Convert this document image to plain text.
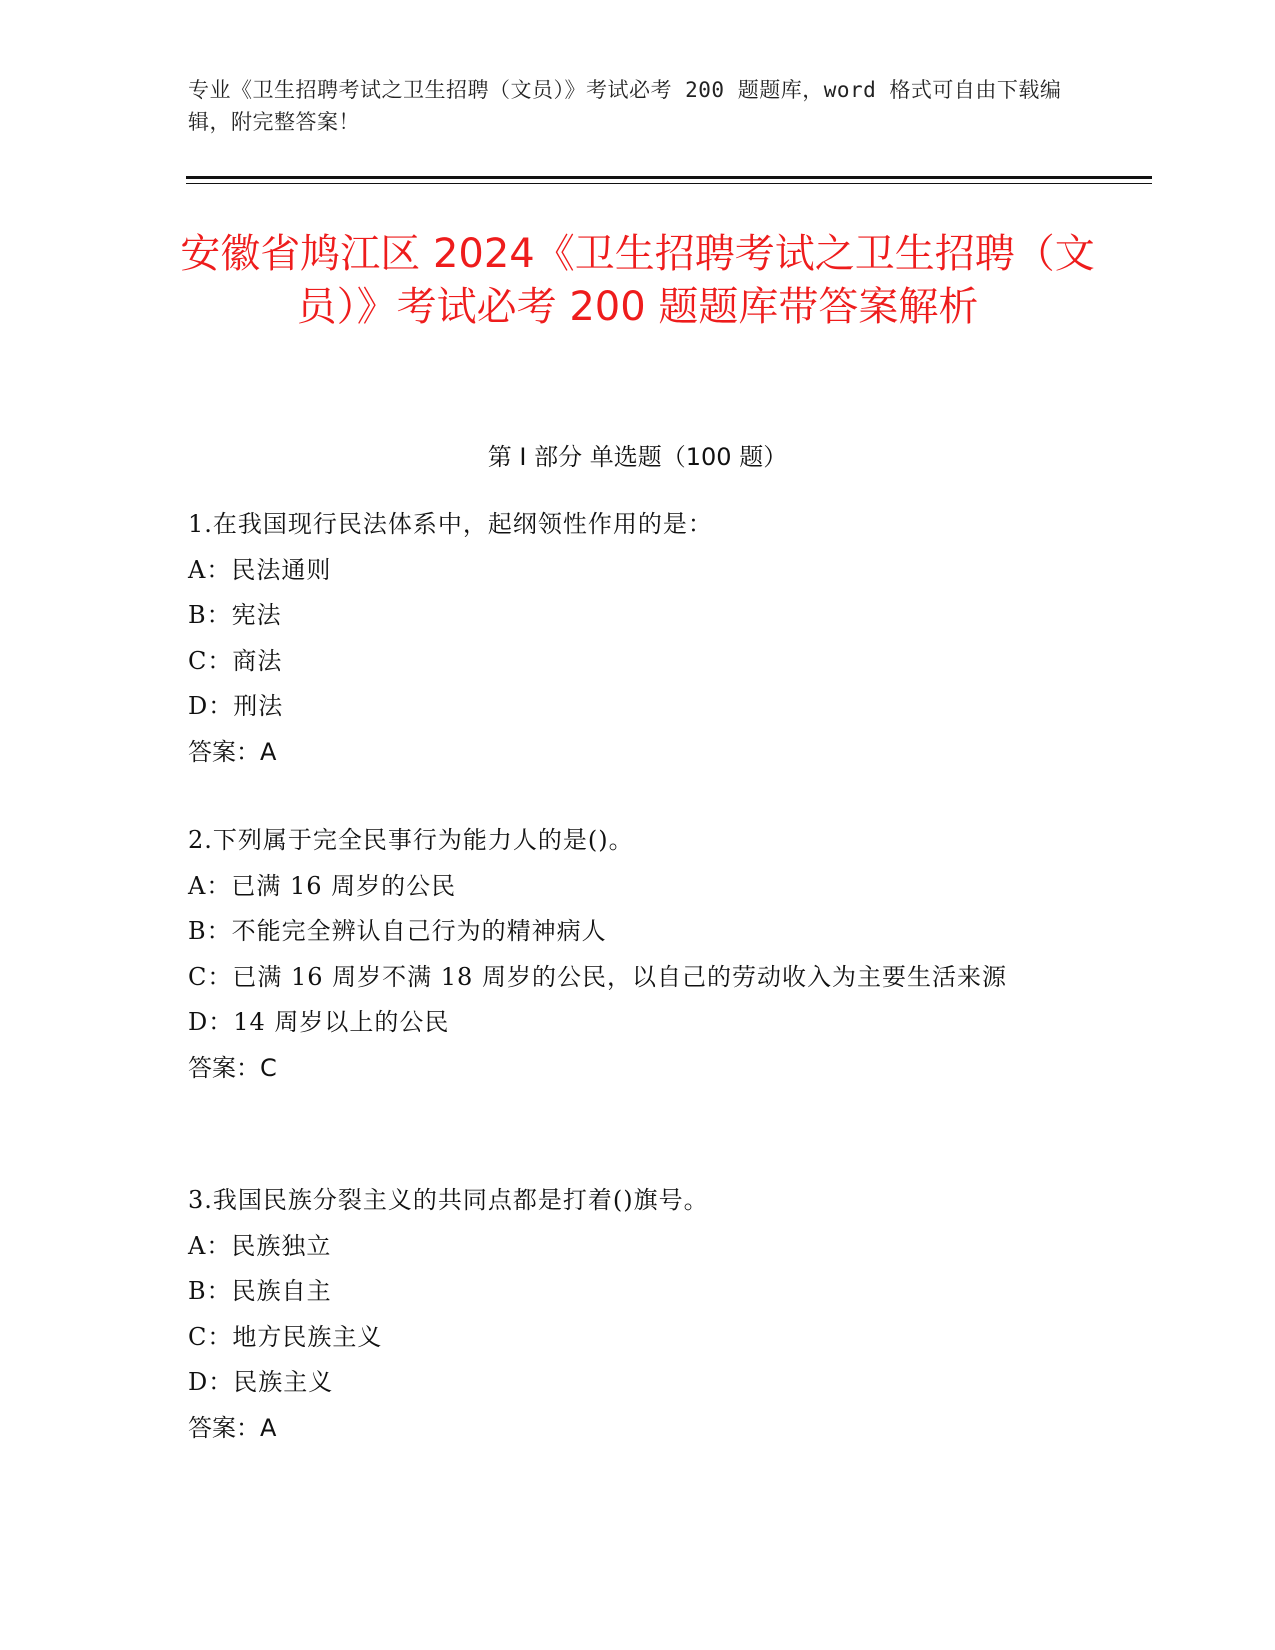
专业《卫生招聘考试之卫生招聘（文员）》考试必考 200 题题库，word 格式可自由下载编辑，附完整答案！
安徽省鸠江区 2024《卫生招聘考试之卫生招聘（文员）》考试必考 200 题题库带答案解析
第 I 部分 单选题（100 题）
1.在我国现行民法体系中，起纲领性作用的是：
A：民法通则
B：宪法
C：商法
D：刑法
答案：A
2.下列属于完全民事行为能力人的是()。
A：已满 16 周岁的公民
B：不能完全辨认自己行为的精神病人
C：已满 16 周岁不满 18 周岁的公民，以自己的劳动收入为主要生活来源
D：14 周岁以上的公民
答案：C
3.我国民族分裂主义的共同点都是打着()旗号。
A：民族独立
B：民族自主
C：地方民族主义
D：民族主义
答案：A
